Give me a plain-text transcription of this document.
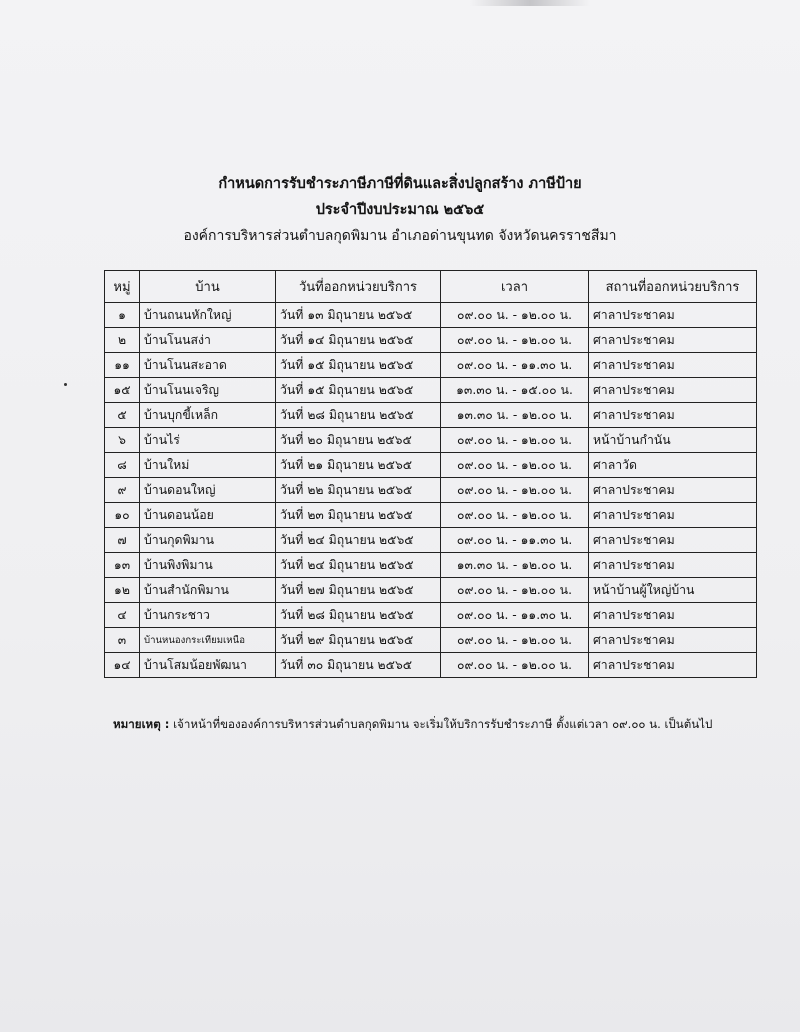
กำหนดการรับชำระภาษีภาษีที่ดินและสิ่งปลูกสร้าง ภาษีป้าย
ประจำปีงบประมาณ ๒๕๖๕
องค์การบริหารส่วนตำบลกุดพิมาน อำเภอด่านขุนทด จังหวัดนครราชสีมา
หมู่	บ้าน	วันที่ออกหน่วยบริการ	เวลา	สถานที่ออกหน่วยบริการ
๑	บ้านถนนหักใหญ่	วันที่ ๑๓ มิถุนายน ๒๕๖๕	๐๙.๐๐ น. - ๑๒.๐๐ น.	ศาลาประชาคม
๒	บ้านโนนสง่า	วันที่ ๑๔ มิถุนายน ๒๕๖๕	๐๙.๐๐ น. - ๑๒.๐๐ น.	ศาลาประชาคม
๑๑	บ้านโนนสะอาด	วันที่ ๑๕ มิถุนายน ๒๕๖๕	๐๙.๐๐ น. - ๑๑.๓๐ น.	ศาลาประชาคม
๑๕	บ้านโนนเจริญ	วันที่ ๑๕ มิถุนายน ๒๕๖๕	๑๓.๓๐ น. - ๑๕.๐๐ น.	ศาลาประชาคม
๕	บ้านบุกขี้เหล็ก	วันที่ ๒๘ มิถุนายน ๒๕๖๕	๑๓.๓๐ น. - ๑๒.๐๐ น.	ศาลาประชาคม
๖	บ้านไร่	วันที่ ๒๐ มิถุนายน ๒๕๖๕	๐๙.๐๐ น. - ๑๒.๐๐ น.	หน้าบ้านกำนัน
๘	บ้านใหม่	วันที่ ๒๑ มิถุนายน ๒๕๖๕	๐๙.๐๐ น. - ๑๒.๐๐ น.	ศาลาวัด
๙	บ้านดอนใหญ่	วันที่ ๒๒ มิถุนายน ๒๕๖๕	๐๙.๐๐ น. - ๑๒.๐๐ น.	ศาลาประชาคม
๑๐	บ้านดอนน้อย	วันที่ ๒๓ มิถุนายน ๒๕๖๕	๐๙.๐๐ น. - ๑๒.๐๐ น.	ศาลาประชาคม
๗	บ้านกุดพิมาน	วันที่ ๒๔ มิถุนายน ๒๕๖๕	๐๙.๐๐ น. - ๑๑.๓๐ น.	ศาลาประชาคม
๑๓	บ้านพิงพิมาน	วันที่ ๒๔ มิถุนายน ๒๕๖๕	๑๓.๓๐ น. - ๑๒.๐๐ น.	ศาลาประชาคม
๑๒	บ้านสำนักพิมาน	วันที่ ๒๗ มิถุนายน ๒๕๖๕	๐๙.๐๐ น. - ๑๒.๐๐ น.	หน้าบ้านผู้ใหญ่บ้าน
๔	บ้านกระชาว	วันที่ ๒๘ มิถุนายน ๒๕๖๕	๐๙.๐๐ น. - ๑๑.๓๐ น.	ศาลาประชาคม
๓	บ้านหนองกระเทียมเหนือ	วันที่ ๒๙ มิถุนายน ๒๕๖๕	๐๙.๐๐ น. - ๑๒.๐๐ น.	ศาลาประชาคม
๑๔	บ้านโสมน้อยพัฒนา	วันที่ ๓๐ มิถุนายน ๒๕๖๕	๐๙.๐๐ น. - ๑๒.๐๐ น.	ศาลาประชาคม
หมายเหตุ : เจ้าหน้าที่ขององค์การบริหารส่วนตำบลกุดพิมาน จะเริ่มให้บริการรับชำระภาษี ตั้งแต่เวลา ๐๙.๐๐ น. เป็นต้นไป
